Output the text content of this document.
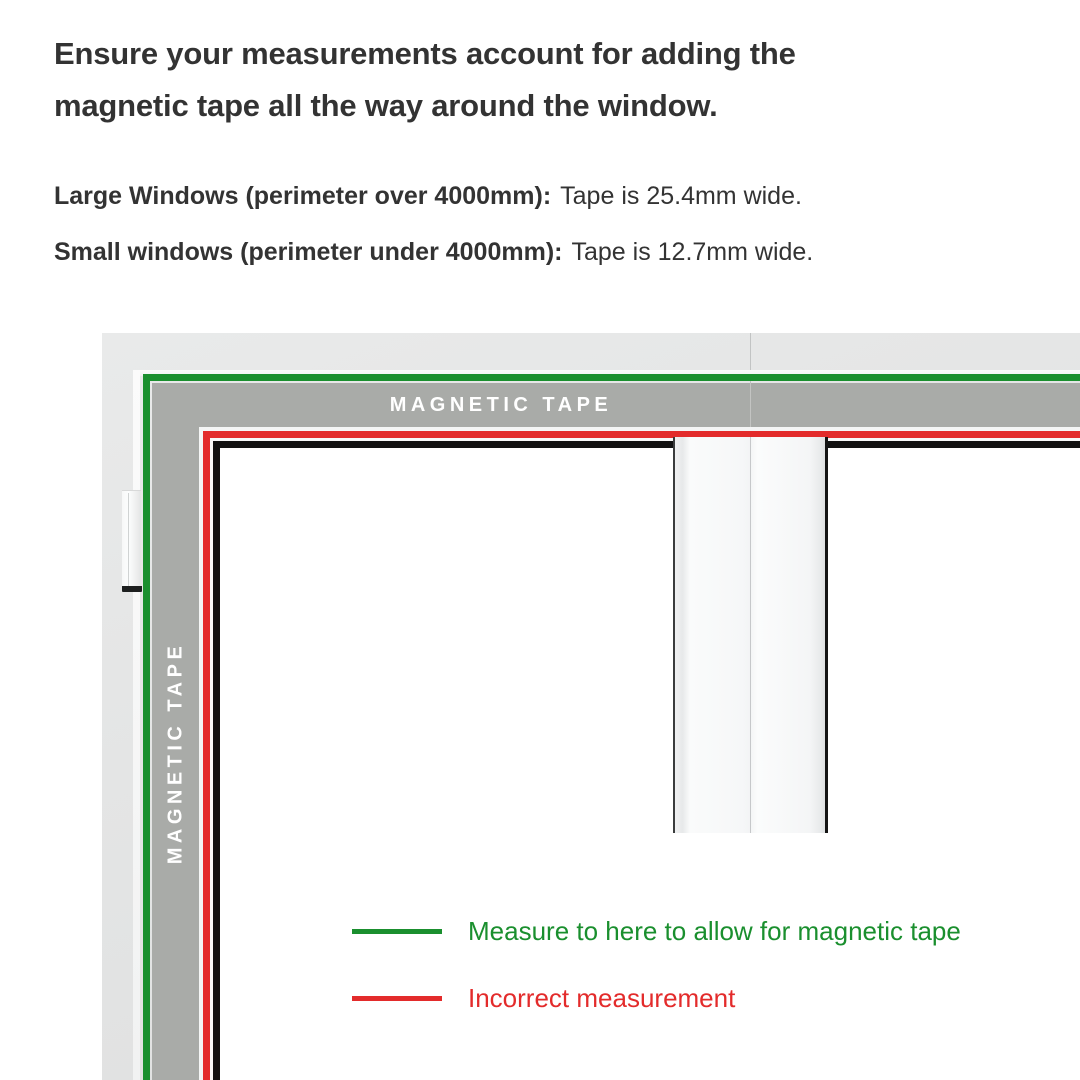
Ensure your measurements account for adding the
magnetic tape all the way around the window.
Large Windows (perimeter over 4000mm): Tape is 25.4mm wide.
Small windows (perimeter under 4000mm): Tape is 12.7mm wide.
MAGNETIC TAPE
MAGNETIC TAPE
Measure to here to allow for magnetic tape
Incorrect measurement
